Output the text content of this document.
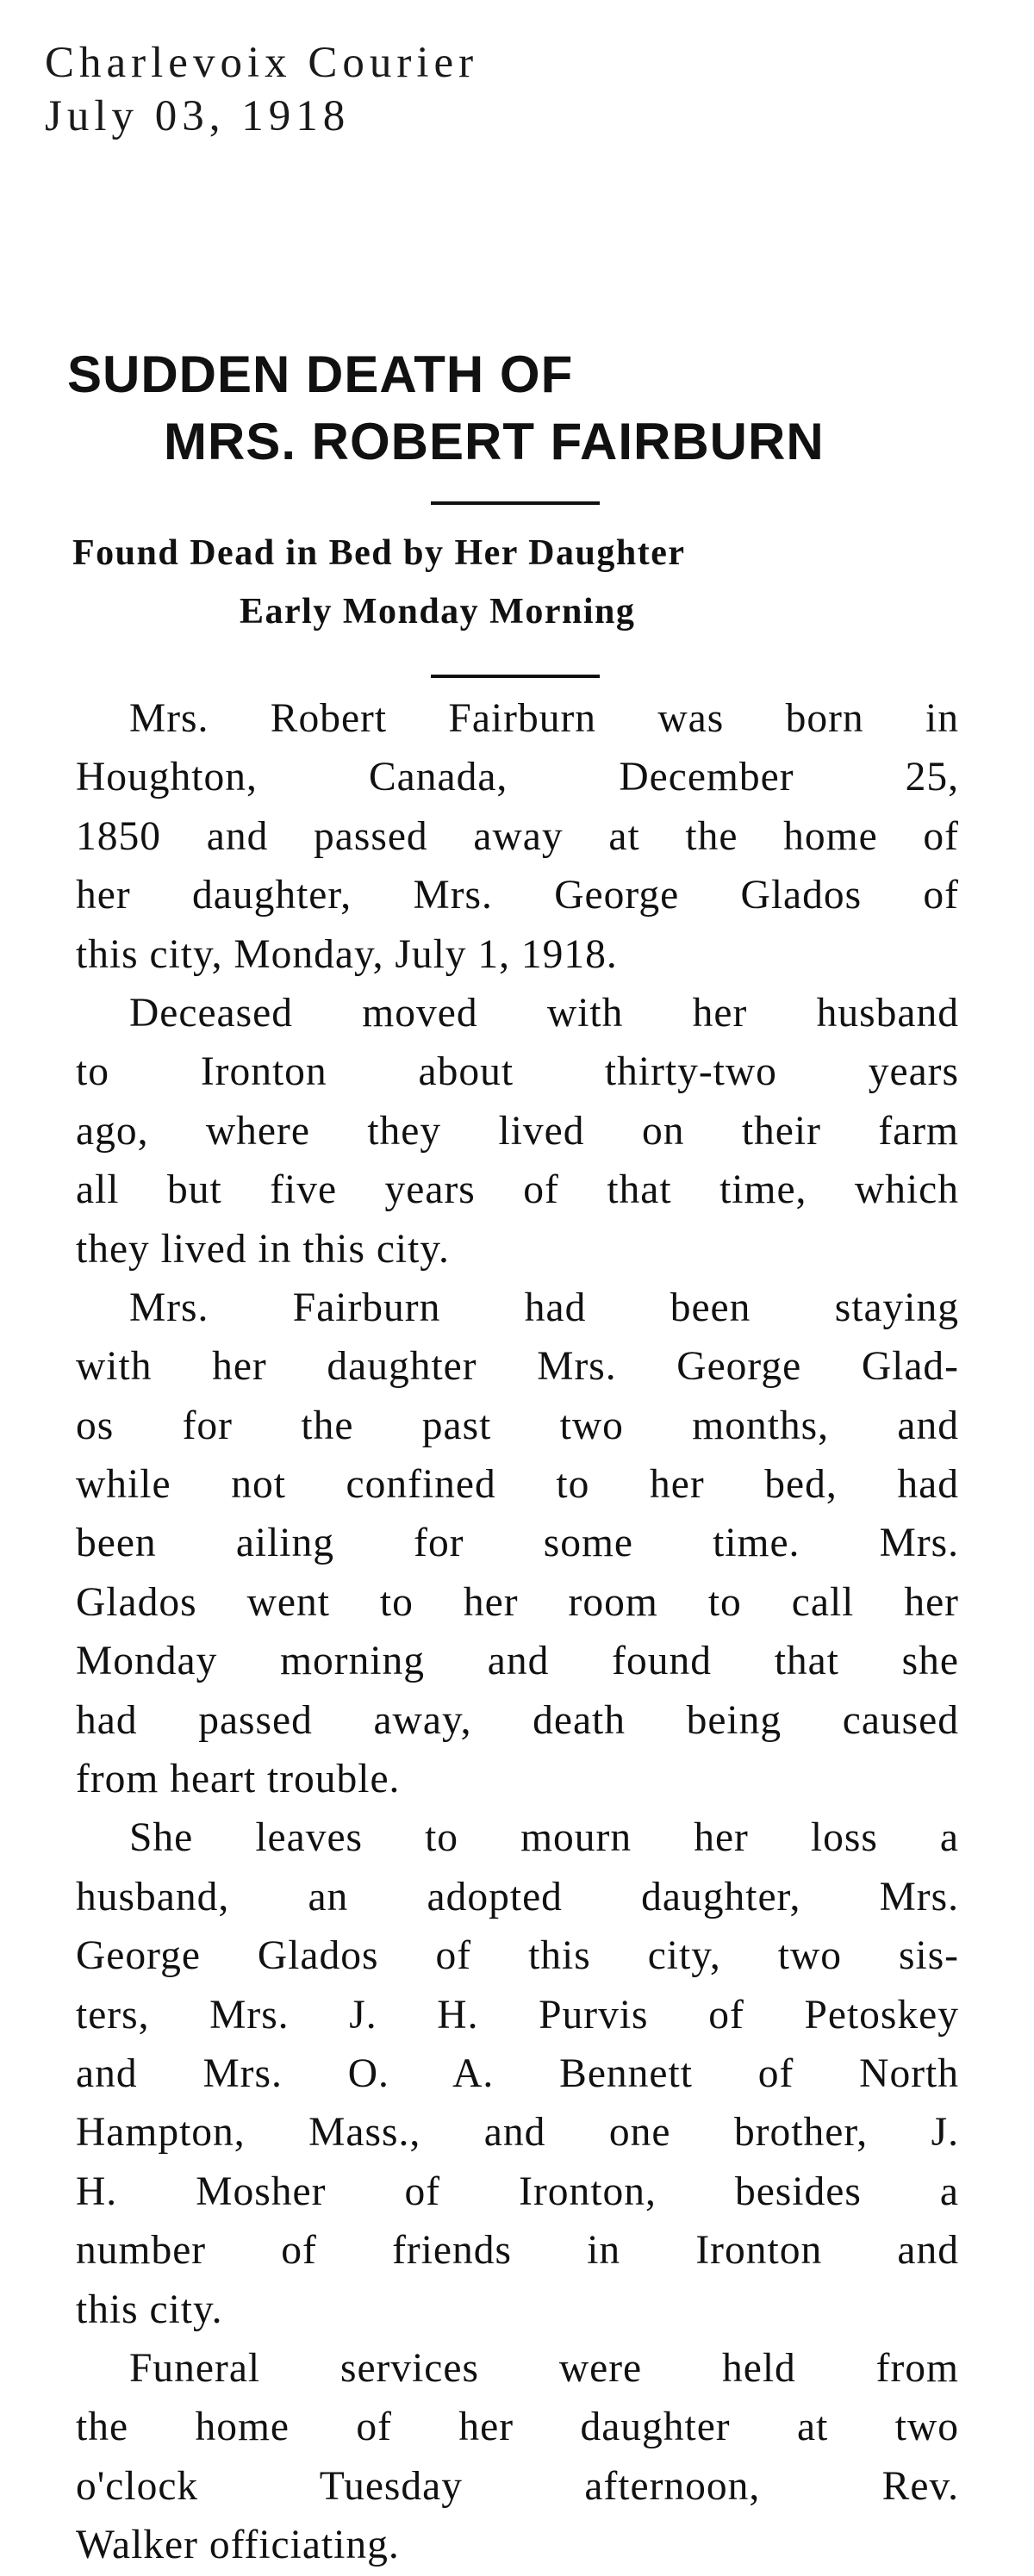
Charlevoix Courier
July 03, 1918
SUDDEN DEATH OF
MRS. ROBERT FAIRBURN
Found Dead in Bed by Her Daughter
Early Monday Morning
Mrs. Robert Fairburn was born in
Houghton, Canada, December 25,
1850 and passed away at the home of
her daughter, Mrs. George Glados of
this city, Monday, July 1, 1918.
Deceased moved with her husband
to Ironton about thirty-two years
ago, where they lived on their farm
all but five years of that time, which
they lived in this city.
Mrs. Fairburn had been staying
with her daughter Mrs. George Glad-
os for the past two months, and
while not confined to her bed, had
been ailing for some time. Mrs.
Glados went to her room to call her
Monday morning and found that she
had passed away, death being caused
from heart trouble.
She leaves to mourn her loss a
husband, an adopted daughter, Mrs.
George Glados of this city, two sis-
ters, Mrs. J. H. Purvis of Petoskey
and Mrs. O. A. Bennett of North
Hampton, Mass., and one brother, J.
H. Mosher of Ironton, besides a
number of friends in Ironton and
this city.
Funeral services were held from
the home of her daughter at two
o'clock Tuesday afternoon, Rev.
Walker officiating.
